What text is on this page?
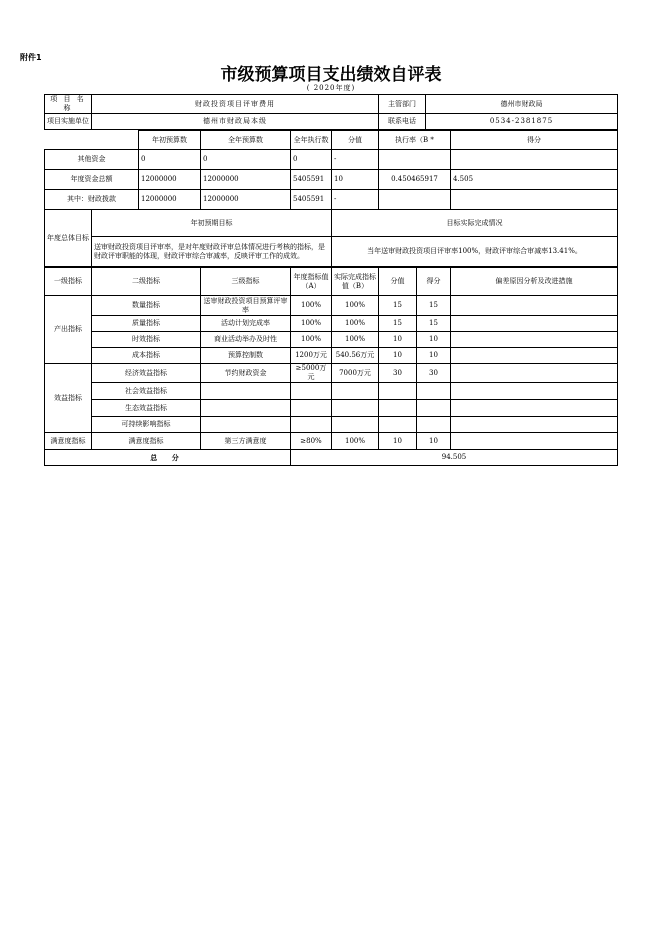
附件1
市级预算项目支出绩效自评表
( 2020年度)
项 目 名 称	财政投资项目评审费用	主管部门	德州市财政局
项目实施单位	德州市财政局本级	联系电话	0534-2381875
	年初预算数	全年预算数	全年执行数	分值	执行率（B *	得分
其他资金	0	0	0	-		
年度资金总额	12000000	12000000	5405591	10	0.450465917	4.505
其中：财政拨款	12000000	12000000	5405591	-		
年度总体目标	年初预期目标	目标实际完成情况
	送审财政投资项目评审率，是对年度财政评审总体情况进行考核的指标，是财政评审职能的体现，财政评审综合审减率，反映评审工作的成效。	当年送审财政投资项目评审率100%，财政评审综合审减率13.41%。
一级指标	二级指标	三级指标	年度指标值（A）	实际完成指标值（B）	分值	得分	偏差原因分析及改进措施
产出指标	数量指标	送审财政投资项目预算评审率	100%	100%	15	15	
	质量指标	活动计划完成率	100%	100%	15	15	
	时效指标	商业活动举办及时性	100%	100%	10	10	
	成本指标	预算控制数	1200万元	540.56万元	10	10	
效益指标	经济效益指标	节约财政资金	≥5000万元	7000万元	30	30	
	社会效益指标						
	生态效益指标						
	可持续影响指标						
满意度指标	满意度指标	第三方满意度	≥80%	100%	10	10	
总 分			94.505				
